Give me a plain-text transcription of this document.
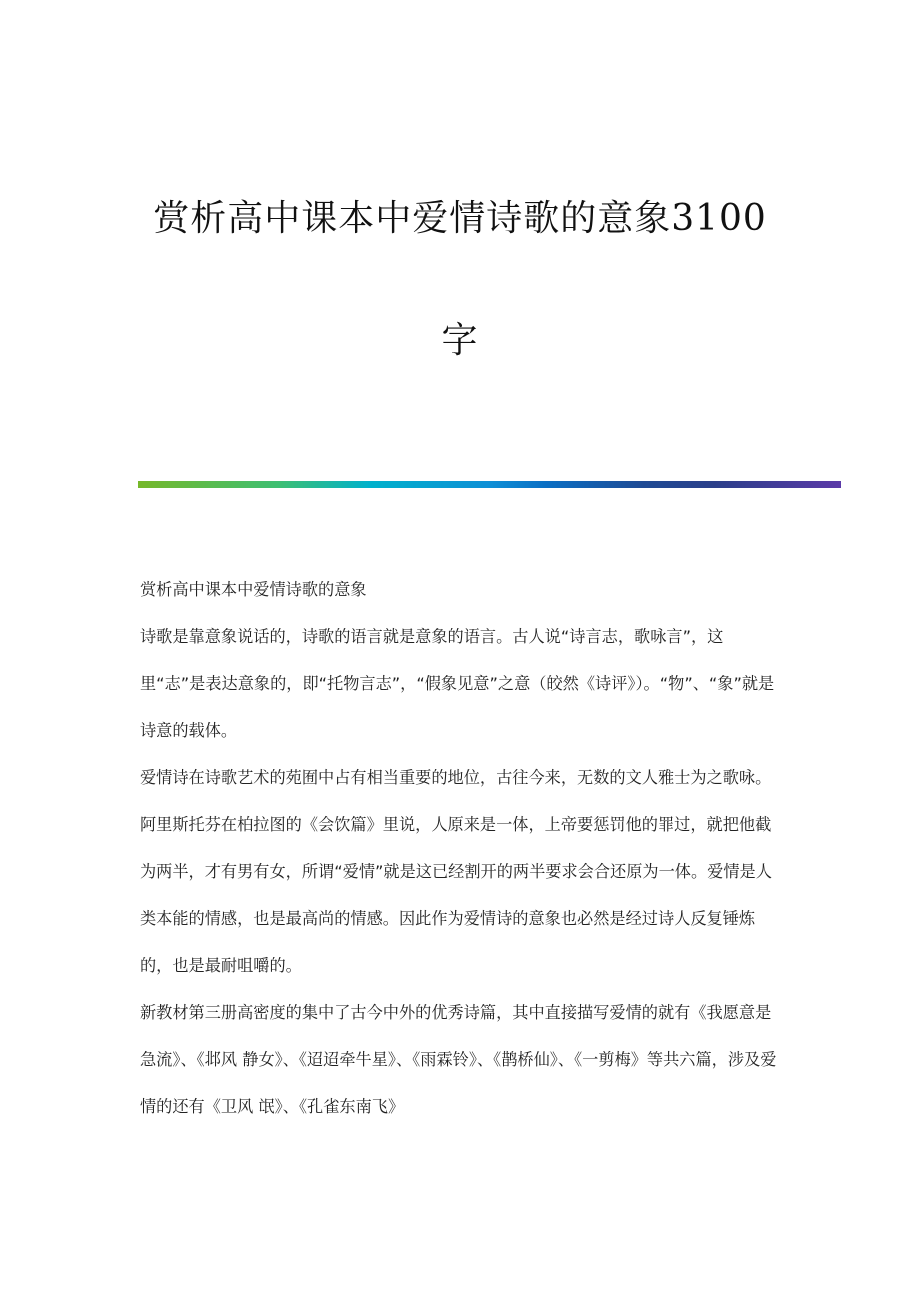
赏析高中课本中爱情诗歌的意象3100
字

赏析高中课本中爱情诗歌的意象

诗歌是靠意象说话的，诗歌的语言就是意象的语言。古人说“诗言志，歌咏言”，这里“志”是表达意象的，即“托物言志”，“假象见意”之意（皎然《诗评》）。“物”、“象”就是诗意的载体。

爱情诗在诗歌艺术的苑囿中占有相当重要的地位，古往今来，无数的文人雅士为之歌咏。阿里斯托芬在柏拉图的《会饮篇》里说，人原来是一体，上帝要惩罚他的罪过，就把他截为两半，才有男有女，所谓“爱情”就是这已经割开的两半要求会合还原为一体。爱情是人类本能的情感，也是最高尚的情感。因此作为爱情诗的意象也必然是经过诗人反复锤炼的，也是最耐咀嚼的。

新教材第三册高密度的集中了古今中外的优秀诗篇，其中直接描写爱情的就有《我愿意是急流》、《邶风 静女》、《迢迢牵牛星》、《雨霖铃》、《鹊桥仙》、《一剪梅》等共六篇，涉及爱情的还有《卫风 氓》、《孔雀东南飞》
